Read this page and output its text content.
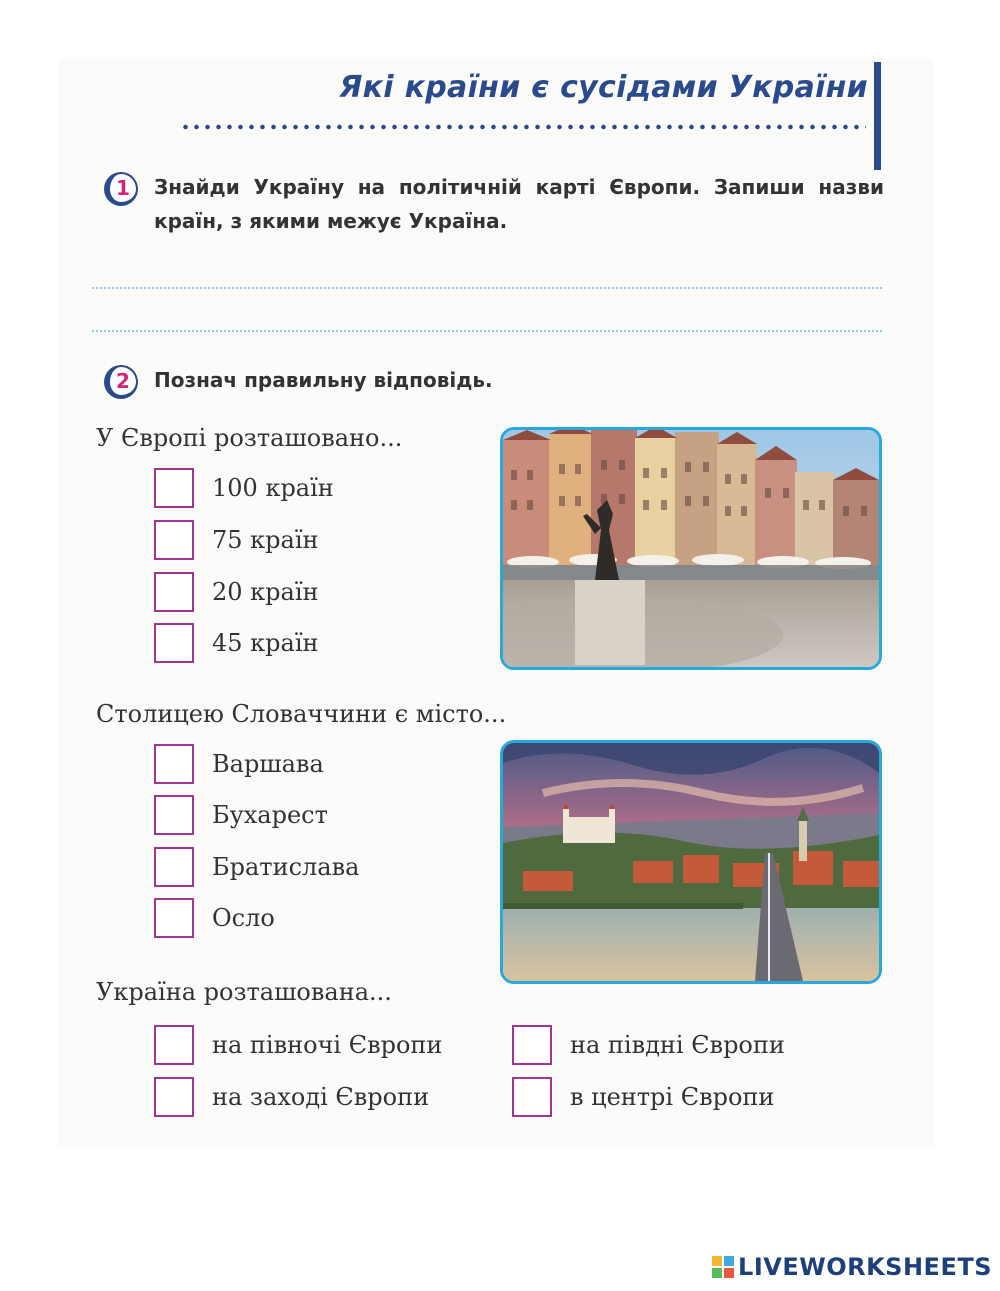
Які країни є сусідами України
1	Знайди Україну на політичній карті Європи. Запиши назви країн, з якими межує Україна.
2	Познач правильну відповідь.
У Європі розташовано...
100 країн
75 країн
20 країн
45 країн
Столицею Словаччини є місто...
Варшава
Бухарест
Братислава
Осло
Україна розташована...
на півночі Європи	на півдні Європи
на заході Європи	в центрі Європи
LIVEWORKSHEETS
